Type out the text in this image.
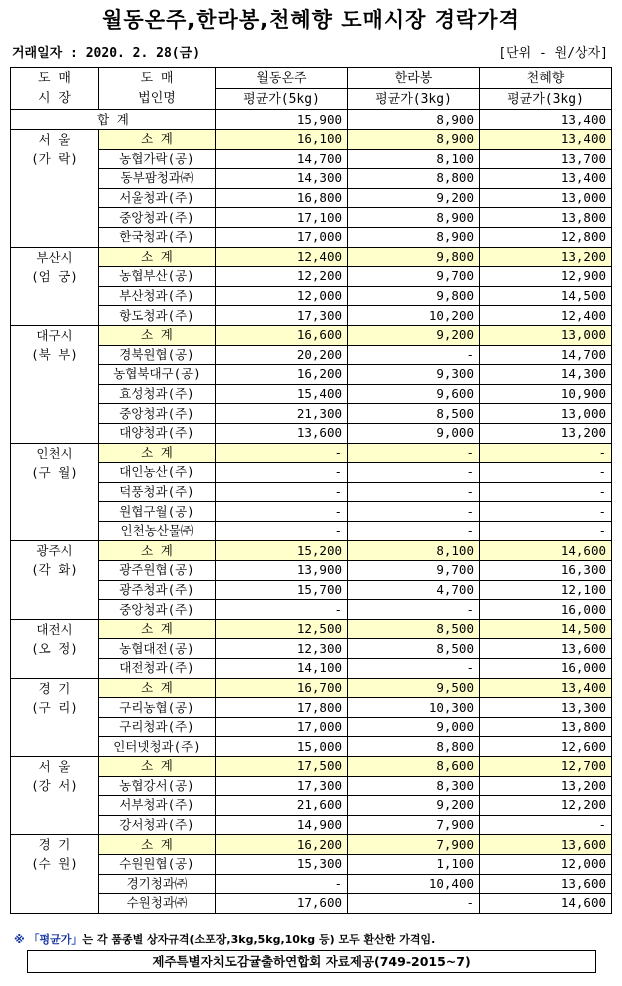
월동온주,한라봉,천혜향 도매시장 경락가격
거래일자 : 2020. 2. 28(금)	[단위 - 원/상자]
도 매	도 매	월동온주	한라봉	천혜향
시 장	법인명	평균가(5kg)	평균가(3kg)	평균가(3kg)
합 계		15,900	8,900	13,400

서 울
(가 락)	소 계	16,100	8,900	13,400
	농협가락(공)	14,700	8,100	13,700
	동부팜청과㈜	14,300	8,800	13,400
	서울청과(주)	16,800	9,200	13,000
	중앙청과(주)	17,100	8,900	13,800
	한국청과(주)	17,000	8,900	12,800

부산시
(엄 궁)	소 계	12,400	9,800	13,200
	농협부산(공)	12,200	9,700	12,900
	부산청과(주)	12,000	9,800	14,500
	항도청과(주)	17,300	10,200	12,400

대구시
(북 부)	소 계	16,600	9,200	13,000
	경북원협(공)	20,200	-	14,700
	농협북대구(공)	16,200	9,300	14,300
	효성청과(주)	15,400	9,600	10,900
	중앙청과(주)	21,300	8,500	13,000
	대양청과(주)	13,600	9,000	13,200

인천시
(구 월)	소 계	-	-	-
	대인농산(주)	-	-	-
	덕풍청과(주)	-	-	-
	원협구월(공)	-	-	-
	인천농산물㈜	-	-	-

광주시
(각 화)	소 계	15,200	8,100	14,600
	광주원협(공)	13,900	9,700	16,300
	광주청과(주)	15,700	4,700	12,100
	중앙청과(주)	-	-	16,000

대전시
(오 정)	소 계	12,500	8,500	14,500
	농협대전(공)	12,300	8,500	13,600
	대전청과(주)	14,100	-	16,000

경 기
(구 리)	소 계	16,700	9,500	13,400
	구리농협(공)	17,800	10,300	13,300
	구리청과(주)	17,000	9,000	13,800
	인터넷청과(주)	15,000	8,800	12,600

서 울
(강 서)	소 계	17,500	8,600	12,700
	농협강서(공)	17,300	8,300	13,200
	서부청과(주)	21,600	9,200	12,200
	강서청과(주)	14,900	7,900	-

경 기
(수 원)	소 계	16,200	7,900	13,600
	수원원협(공)	15,300	1,100	12,000
	경기청과㈜	-	10,400	13,600
	수원청과㈜	17,600	-	14,600
※ 「평균가」는 각 품종별 상자규격(소포장,3kg,5kg,10kg 등) 모두 환산한 가격임.
제주특별자치도감귤출하연합회 자료제공(749-2015~7)
